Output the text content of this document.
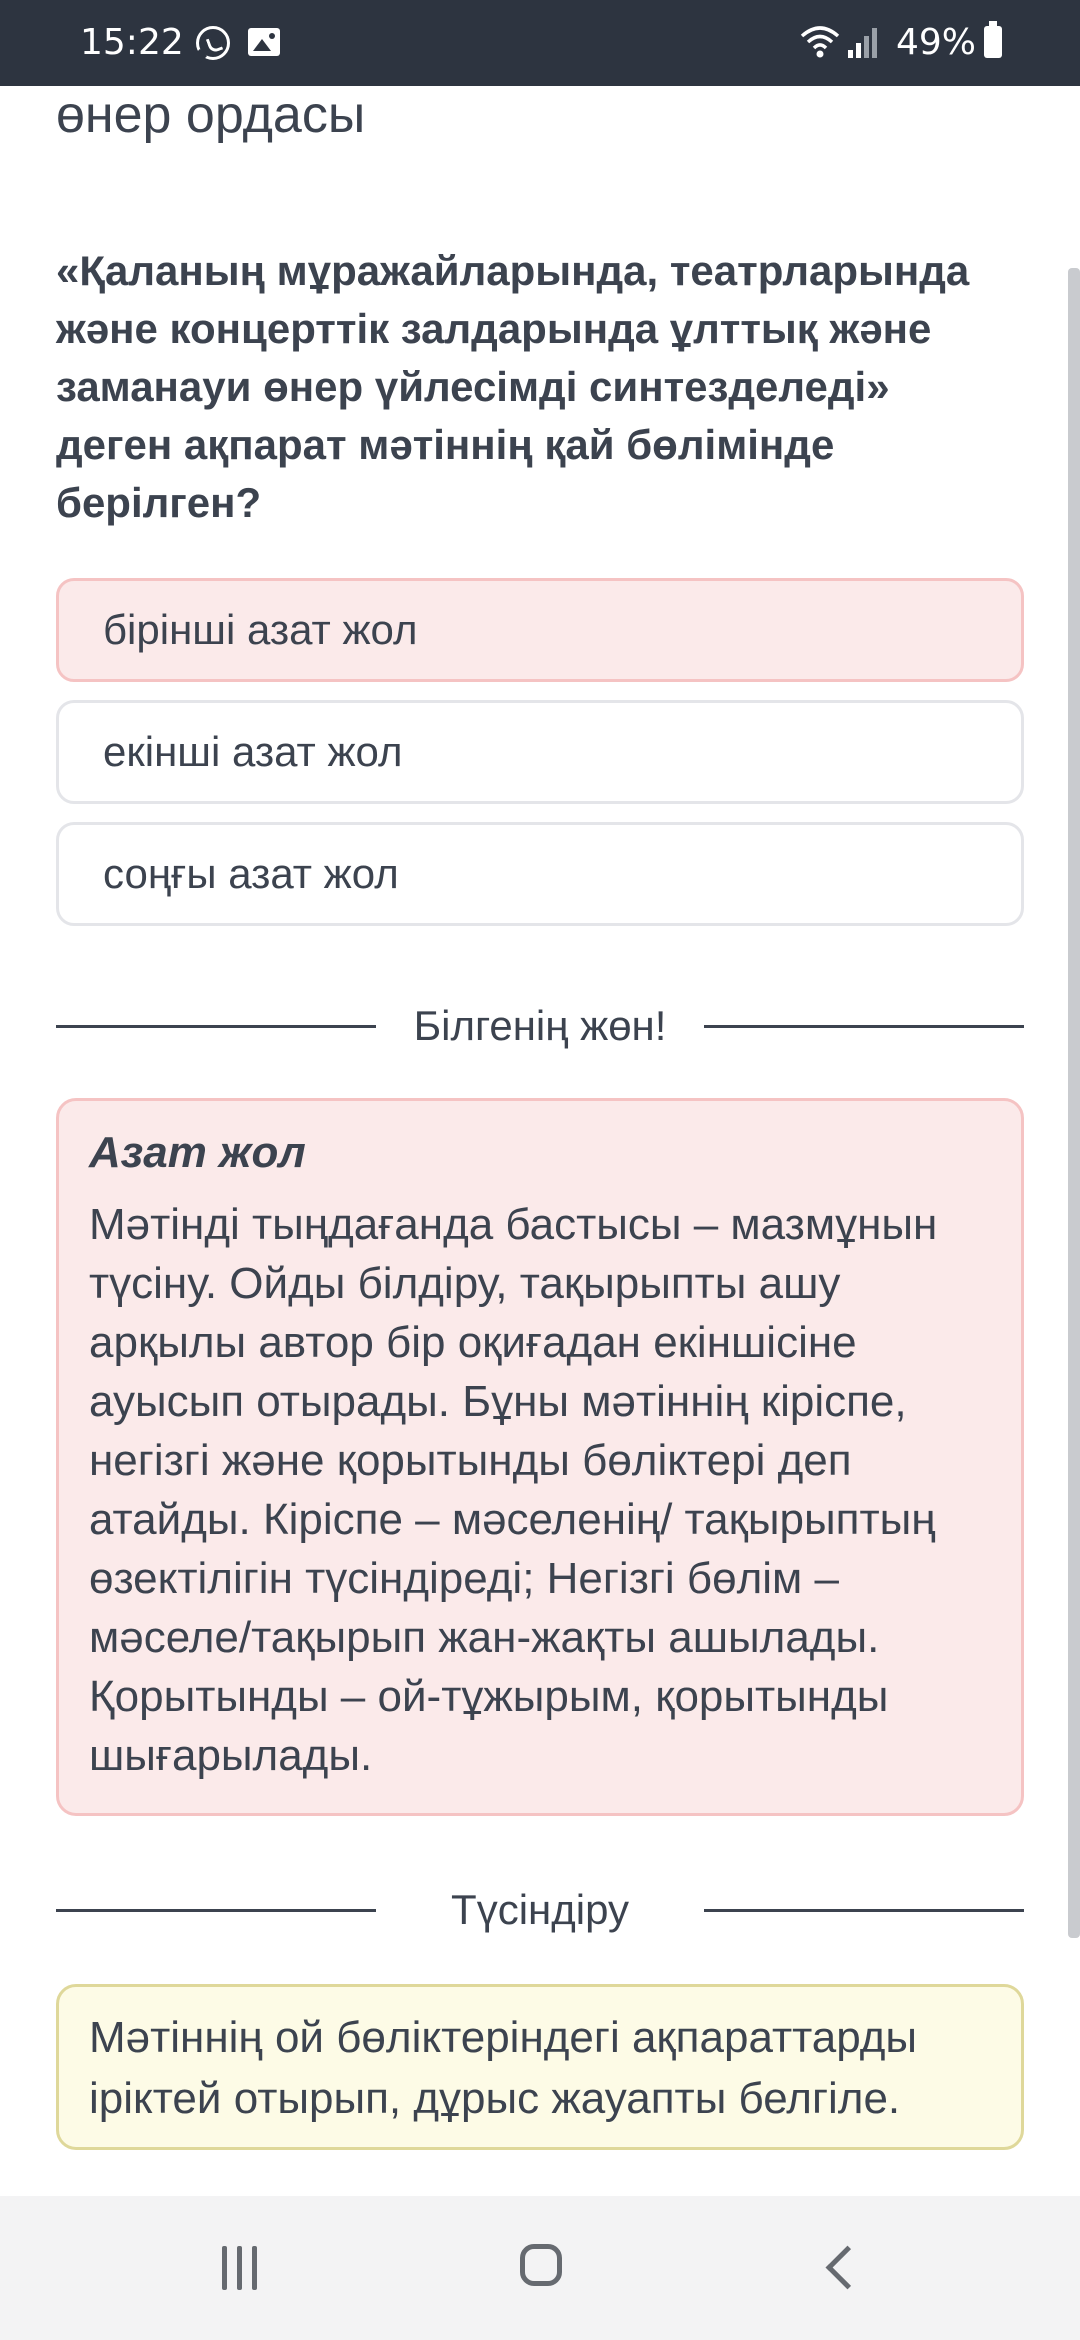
өнер ордасы

«Қаланың мұражайларында, театрларында және концерттік залдарында ұлттық және заманауи өнер үйлесімді синтезделеді» деген ақпарат мәтіннің қай бөлімінде берілген?

бірінші азат жол
екінші азат жол
соңғы азат жол
Білгенің жөн!

Азат жол

Мәтінді тыңдағанда бастысы – мазмұнын түсіну. Ойды білдіру, тақырыпты ашу арқылы автор бір оқиғадан екіншісіне ауысып отырады. Бұны мәтіннің кіріспе, негізгі және қорытынды бөліктері деп атайды. Кіріспе – мәселенің/ тақырыптың өзектілігін түсіндіреді; Негізгі бөлім – мәселе/тақырып жан-жақты ашылады. Қорытынды – ой-тұжырым, қорытынды шығарылады.

Түсіндіру
Мәтіннің ой бөліктеріндегі ақпараттарды іріктей отырып, дұрыс жауапты белгіле.
15:22	49%
